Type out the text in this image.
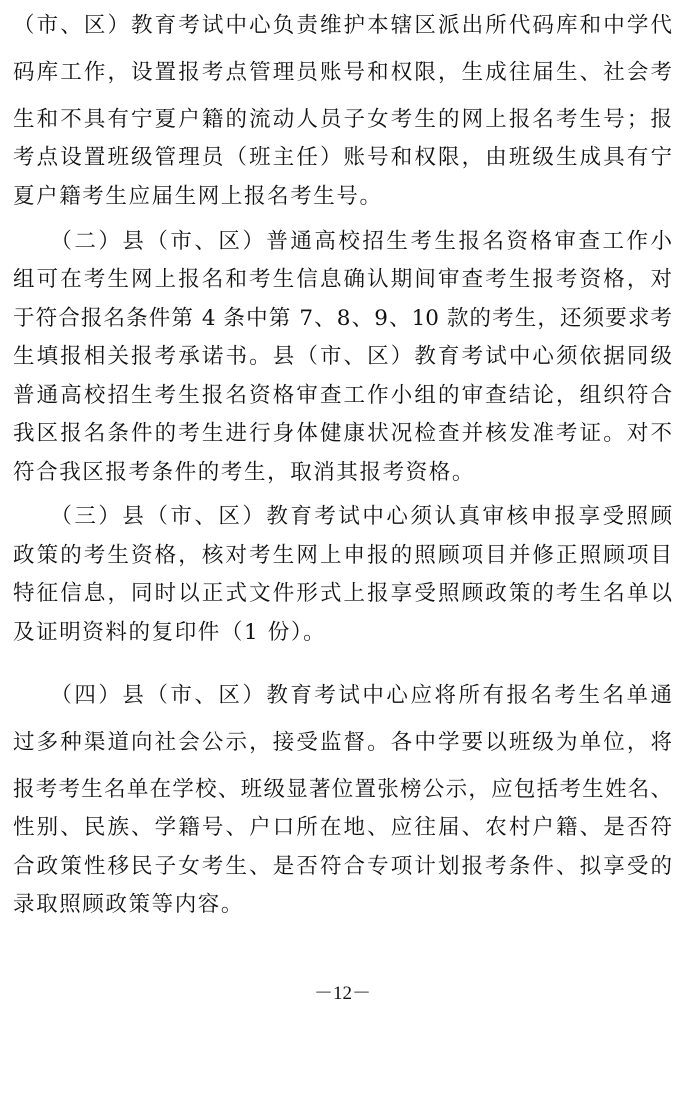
（市、区）教育考试中心负责维护本辖区派出所代码库和中学代
码库工作，设置报考点管理员账号和权限，生成往届生、社会考
生和不具有宁夏户籍的流动人员子女考生的网上报名考生号；报
考点设置班级管理员（班主任）账号和权限，由班级生成具有宁
夏户籍考生应届生网上报名考生号。
（二）县（市、区）普通高校招生考生报名资格审查工作小
组可在考生网上报名和考生信息确认期间审查考生报考资格，对
于符合报名条件第 4 条中第 7、8、9、10 款的考生，还须要求考
生填报相关报考承诺书。县（市、区）教育考试中心须依据同级
普通高校招生考生报名资格审查工作小组的审查结论，组织符合
我区报名条件的考生进行身体健康状况检查并核发准考证。对不
符合我区报考条件的考生，取消其报考资格。
（三）县（市、区）教育考试中心须认真审核申报享受照顾
政策的考生资格，核对考生网上申报的照顾项目并修正照顾项目
特征信息，同时以正式文件形式上报享受照顾政策的考生名单以
及证明资料的复印件（1 份）。
（四）县（市、区）教育考试中心应将所有报名考生名单通
过多种渠道向社会公示，接受监督。各中学要以班级为单位，将
报考考生名单在学校、班级显著位置张榜公示，应包括考生姓名、
性别、民族、学籍号、户口所在地、应往届、农村户籍、是否符
合政策性移民子女考生、是否符合专项计划报考条件、拟享受的
录取照顾政策等内容。
－12－
